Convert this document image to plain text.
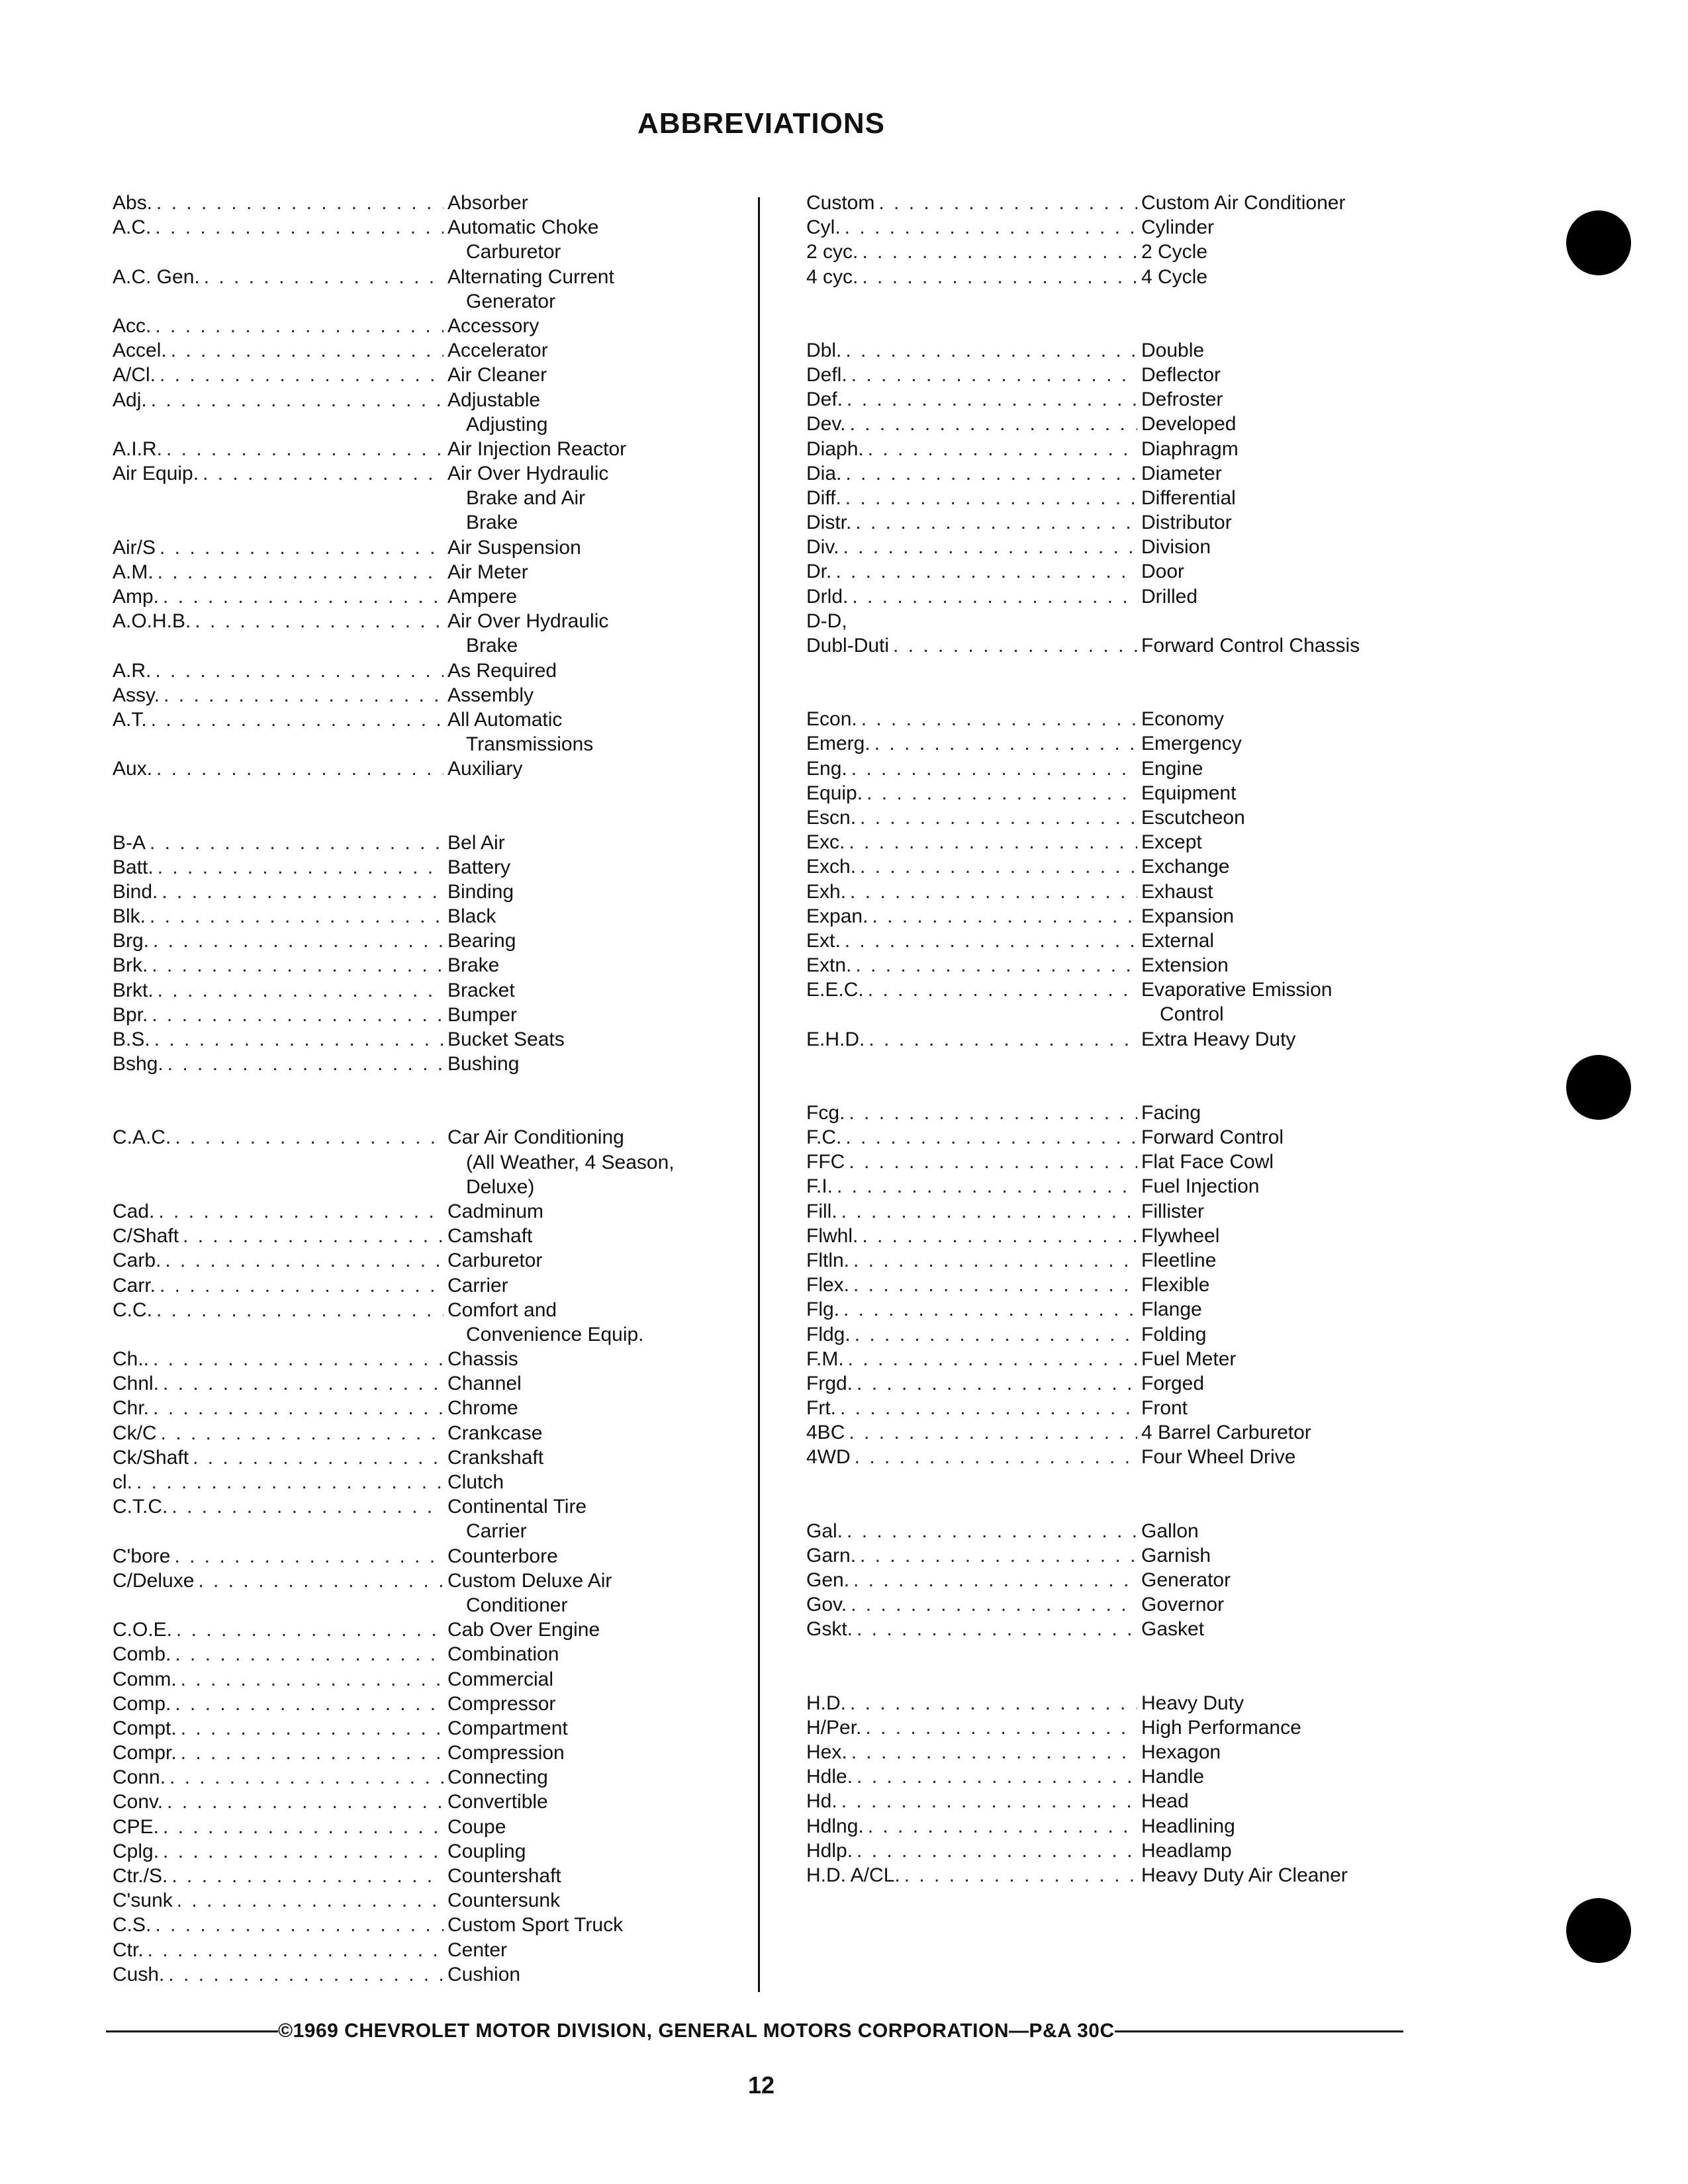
ABBREVIATIONS
Abs. . . .	Absorber
A.C. . . .	Automatic Choke
Carburetor
A.C. Gen. . . .	Alternating Current
Generator
Acc. . . .	Accessory
Accel. . . .	Accelerator
A/Cl. . . .	Air Cleaner
Adj. . . .	Adjustable
Adjusting
A.I.R. . . .	Air Injection Reactor
Air Equip. . . .	Air Over Hydraulic
Brake and Air
Brake
Air/S . . .	Air Suspension
A.M. . . .	Air Meter
Amp. . . .	Ampere
A.O.H.B. . . .	Air Over Hydraulic
Brake
A.R. . . .	As Required
Assy. . . .	Assembly
A.T. . . .	All Automatic
Transmissions
Aux. . . .	Auxiliary
B-A . . .	Bel Air
Batt. . . .	Battery
Bind. . . .	Binding
Blk. . . .	Black
Brg. . . .	Bearing
Brk. . . .	Brake
Brkt. . . .	Bracket
Bpr. . . .	Bumper
B.S. . . .	Bucket Seats
Bshg. . . .	Bushing
C.A.C. . . .	Car Air Conditioning
(All Weather, 4 Season,
Deluxe)
Cad. . . .	Cadminum
C/Shaft . . .	Camshaft
Carb. . . .	Carburetor
Carr. . . .	Carrier
C.C. . . .	Comfort and
Convenience Equip.
Ch.. . . .	Chassis
Chnl. . . .	Channel
Chr. . . .	Chrome
Ck/C . . .	Crankcase
Ck/Shaft . . .	Crankshaft
cl. . . .	Clutch
C.T.C. . . .	Continental Tire
Carrier
C'bore . . .	Counterbore
C/Deluxe . . .	Custom Deluxe Air
Conditioner
C.O.E. . . .	Cab Over Engine
Comb. . . .	Combination
Comm. . . .	Commercial
Comp. . . .	Compressor
Compt. . . .	Compartment
Compr. . . .	Compression
Conn. . . .	Connecting
Conv. . . .	Convertible
CPE. . . .	Coupe
Cplg. . . .	Coupling
Ctr./S. . . .	Countershaft
C'sunk . . .	Countersunk
C.S. . . .	Custom Sport Truck
Ctr. . . .	Center
Cush. . . .	Cushion
Custom . . .	Custom Air Conditioner
Cyl. . . .	Cylinder
2 cyc. . . .	2 Cycle
4 cyc. . . .	4 Cycle
Dbl. . . .	Double
Defl. . . .	Deflector
Def. . . .	Defroster
Dev. . . .	Developed
Diaph. . . .	Diaphragm
Dia. . . .	Diameter
Diff. . . .	Differential
Distr. . . .	Distributor
Div. . . .	Division
Dr. . . .	Door
Drld. . . .	Drilled
D-D,
Dubl-Duti . . .	Forward Control Chassis
Econ. . . .	Economy
Emerg. . . .	Emergency
Eng. . . .	Engine
Equip. . . .	Equipment
Escn. . . .	Escutcheon
Exc. . . .	Except
Exch. . . .	Exchange
Exh. . . .	Exhaust
Expan. . . .	Expansion
Ext. . . .	External
Extn. . . .	Extension
E.E.C. . . .	Evaporative Emission
Control
E.H.D. . . .	Extra Heavy Duty
Fcg. . . .	Facing
F.C. . . .	Forward Control
FFC . . .	Flat Face Cowl
F.I. . . .	Fuel Injection
Fill. . . .	Fillister
Flwhl. . . .	Flywheel
Fltln. . . .	Fleetline
Flex. . . .	Flexible
Flg. . . .	Flange
Fldg. . . .	Folding
F.M. . . .	Fuel Meter
Frgd. . . .	Forged
Frt. . . .	Front
4BC . . .	4 Barrel Carburetor
4WD . . .	Four Wheel Drive
Gal. . . .	Gallon
Garn. . . .	Garnish
Gen. . . .	Generator
Gov. . . .	Governor
Gskt. . . .	Gasket
H.D. . . .	Heavy Duty
H/Per. . . .	High Performance
Hex. . . .	Hexagon
Hdle. . . .	Handle
Hd. . . .	Head
Hdlng. . . .	Headlining
Hdlp. . . .	Headlamp
H.D. A/CL. . . .	Heavy Duty Air Cleaner
©1969 CHEVROLET MOTOR DIVISION, GENERAL MOTORS CORPORATION—P&A 30C
12
